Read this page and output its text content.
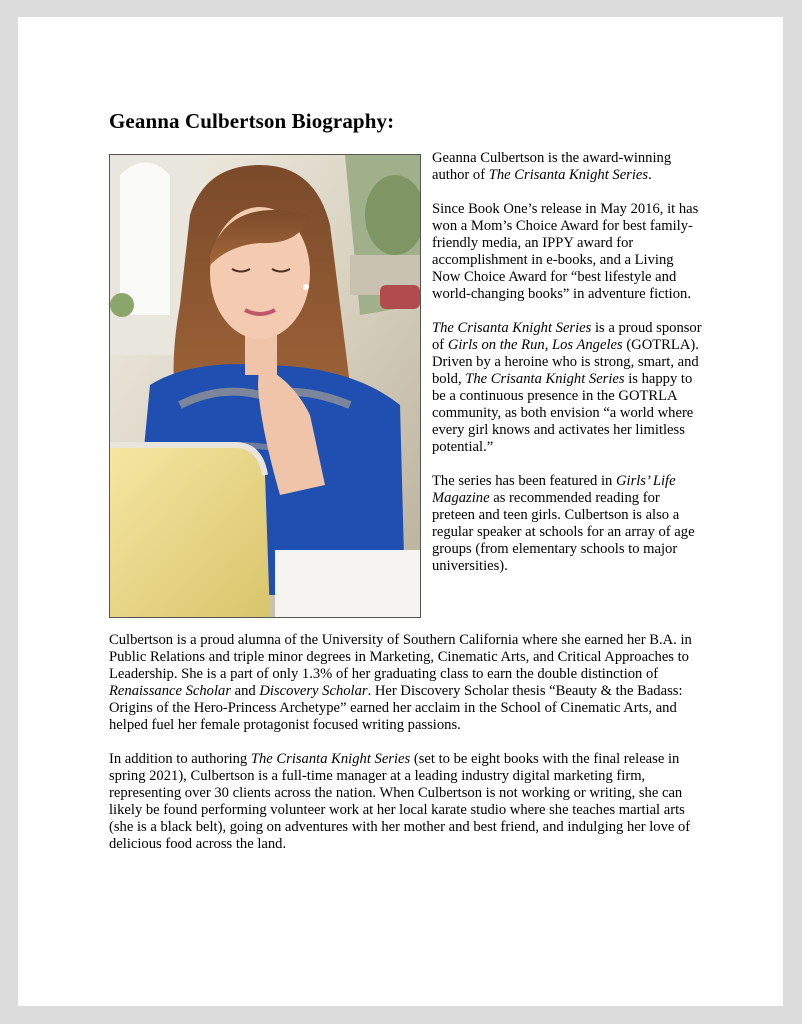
Geanna Culbertson Biography:

Geanna Culbertson is the award-winning author of The Crisanta Knight Series.

Since Book One’s release in May 2016, it has won a Mom’s Choice Award for best family-friendly media, an IPPY award for accomplishment in e-books, and a Living Now Choice Award for “best lifestyle and world-changing books” in adventure fiction.

The Crisanta Knight Series is a proud sponsor of Girls on the Run, Los Angeles (GOTRLA). Driven by a heroine who is strong, smart, and bold, The Crisanta Knight Series is happy to be a continuous presence in the GOTRLA community, as both envision “a world where every girl knows and activates her limitless potential.”

The series has been featured in Girls’ Life Magazine as recommended reading for preteen and teen girls. Culbertson is also a regular speaker at schools for an array of age groups (from elementary schools to major universities).

Culbertson is a proud alumna of the University of Southern California where she earned her B.A. in Public Relations and triple minor degrees in Marketing, Cinematic Arts, and Critical Approaches to Leadership. She is a part of only 1.3% of her graduating class to earn the double distinction of Renaissance Scholar and Discovery Scholar. Her Discovery Scholar thesis “Beauty & the Badass: Origins of the Hero-Princess Archetype” earned her acclaim in the School of Cinematic Arts, and helped fuel her female protagonist focused writing passions.

In addition to authoring The Crisanta Knight Series (set to be eight books with the final release in spring 2021), Culbertson is a full-time manager at a leading industry digital marketing firm, representing over 30 clients across the nation. When Culbertson is not working or writing, she can likely be found performing volunteer work at her local karate studio where she teaches martial arts (she is a black belt), going on adventures with her mother and best friend, and indulging her love of delicious food across the land.
